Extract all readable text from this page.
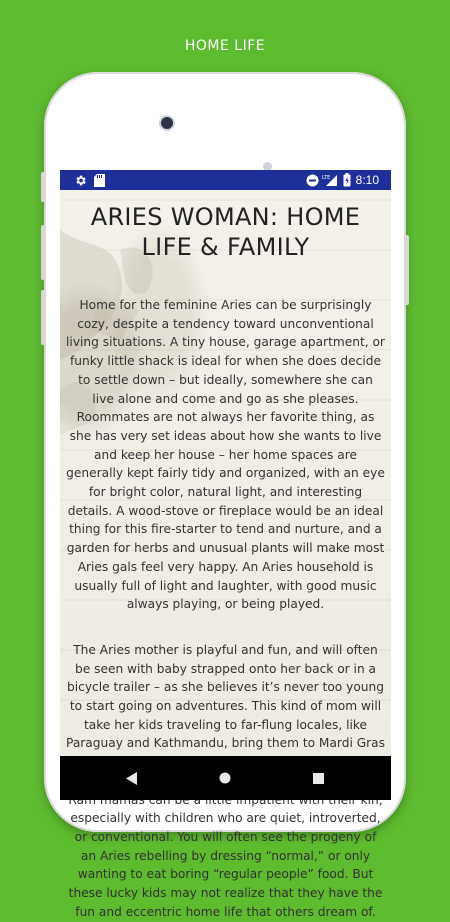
HOME LIFE
LTE 8:10
ARIES WOMAN: HOME LIFE & FAMILY

Home for the feminine Aries can be surprisingly cozy, despite a tendency toward unconventional living situations. A tiny house, garage apartment, or funky little shack is ideal for when she does decide to settle down – but ideally, somewhere she can live alone and come and go as she pleases. Roommates are not always her favorite thing, as she has very set ideas about how she wants to live and keep her house – her home spaces are generally kept fairly tidy and organized, with an eye for bright color, natural light, and interesting details. A wood-stove or fireplace would be an ideal thing for this fire-starter to tend and nurture, and a garden for herbs and unusual plants will make most Aries gals feel very happy. An Aries household is usually full of light and laughter, with good music always playing, or being played.

The Aries mother is playful and fun, and will often be seen with baby strapped onto her back or in a bicycle trailer – as she believes it’s never too young to start going on adventures. This kind of mom will take her kids traveling to far-flung locales, like Paraguay and Kathmandu, bring them to Mardi Gras especially with children who are quiet, introverted, or conventional. You will often see the progeny of an Aries rebelling by dressing “normal,” or only wanting to eat boring “regular people” food. But these lucky kids may not realize that they have the fun and eccentric home life that others dream of.
